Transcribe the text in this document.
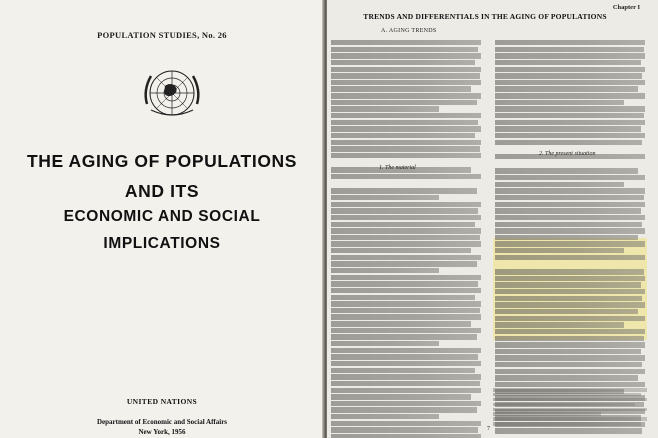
POPULATION STUDIES, No. 26
THE AGING OF POPULATIONS
AND ITS
ECONOMIC AND SOCIAL
IMPLICATIONS
UNITED NATIONS
Department of Economic and Social Affairs
New York, 1956
Chapter I
TRENDS AND DIFFERENTIALS IN THE AGING OF POPULATIONS
A. AGING TRENDS
1. The material
2. The present situation
7
